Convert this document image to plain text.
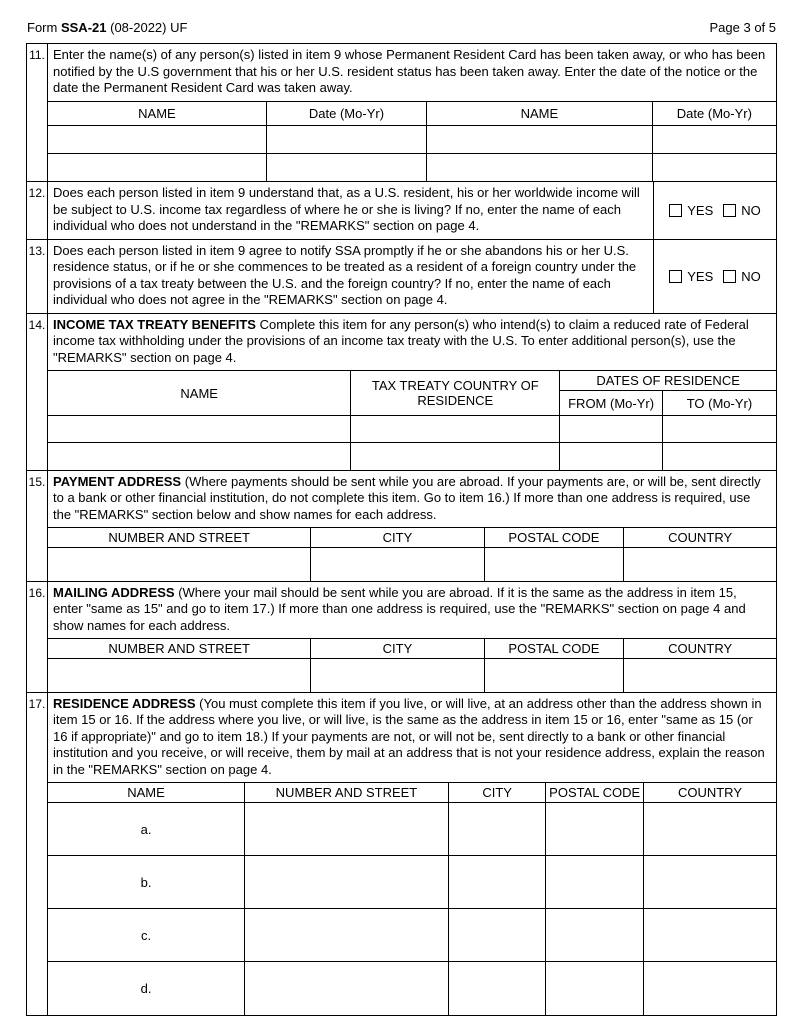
Form SSA-21 (08-2022) UF	Page 3 of 5
11. Enter the name(s) of any person(s) listed in item 9 whose Permanent Resident Card has been taken away, or who has been notified by the U.S government that his or her U.S. resident status has been taken away. Enter the date of the notice or the date the Permanent Resident Card was taken away.

NAME	Date (Mo-Yr)	NAME	Date (Mo-Yr)

12. Does each person listed in item 9 understand that, as a U.S. resident, his or her worldwide income will be subject to U.S. income tax regardless of where he or she is living? If no, enter the name of each individual who does not understand in the "REMARKS" section on page 4.

YES NO
13. Does each person listed in item 9 agree to notify SSA promptly if he or she abandons his or her U.S. residence status, or if he or she commences to be treated as a resident of a foreign country under the provisions of a tax treaty between the U.S. and the foreign country? If no, enter the name of each individual who does not agree in the "REMARKS" section on page 4.

YES NO
14. INCOME TAX TREATY BENEFITS Complete this item for any person(s) who intend(s) to claim a reduced rate of Federal income tax withholding under the provisions of an income tax treaty with the U.S. To enter additional person(s), use the "REMARKS" section on page 4.

NAME	TAX TREATY COUNTRY OF RESIDENCE	DATES OF RESIDENCE	
		FROM (Mo-Yr)	TO (Mo-Yr)

15. PAYMENT ADDRESS (Where payments should be sent while you are abroad. If your payments are, or will be, sent directly to a bank or other financial institution, do not complete this item. Go to item 16.) If more than one address is required, use the "REMARKS" section below and show names for each address.

NUMBER AND STREET	CITY	POSTAL CODE	COUNTRY

16. MAILING ADDRESS (Where your mail should be sent while you are abroad. If it is the same as the address in item 15, enter "same as 15" and go to item 17.) If more than one address is required, use the "REMARKS" section on page 4 and show names for each address.

NUMBER AND STREET	CITY	POSTAL CODE	COUNTRY

17. RESIDENCE ADDRESS (You must complete this item if you live, or will live, at an address other than the address shown in item 15 or 16. If the address where you live, or will live, is the same as the address in item 15 or 16, enter "same as 15 (or 16 if appropriate)" and go to item 18.) If your payments are not, or will not be, sent directly to a bank or other financial institution and you receive, or will receive, them by mail at an address that is not your residence address, explain the reason in the "REMARKS" section on page 4.

NAME	NUMBER AND STREET	CITY	POSTAL CODE	COUNTRY
a.				
b.				
c.				
d.				
